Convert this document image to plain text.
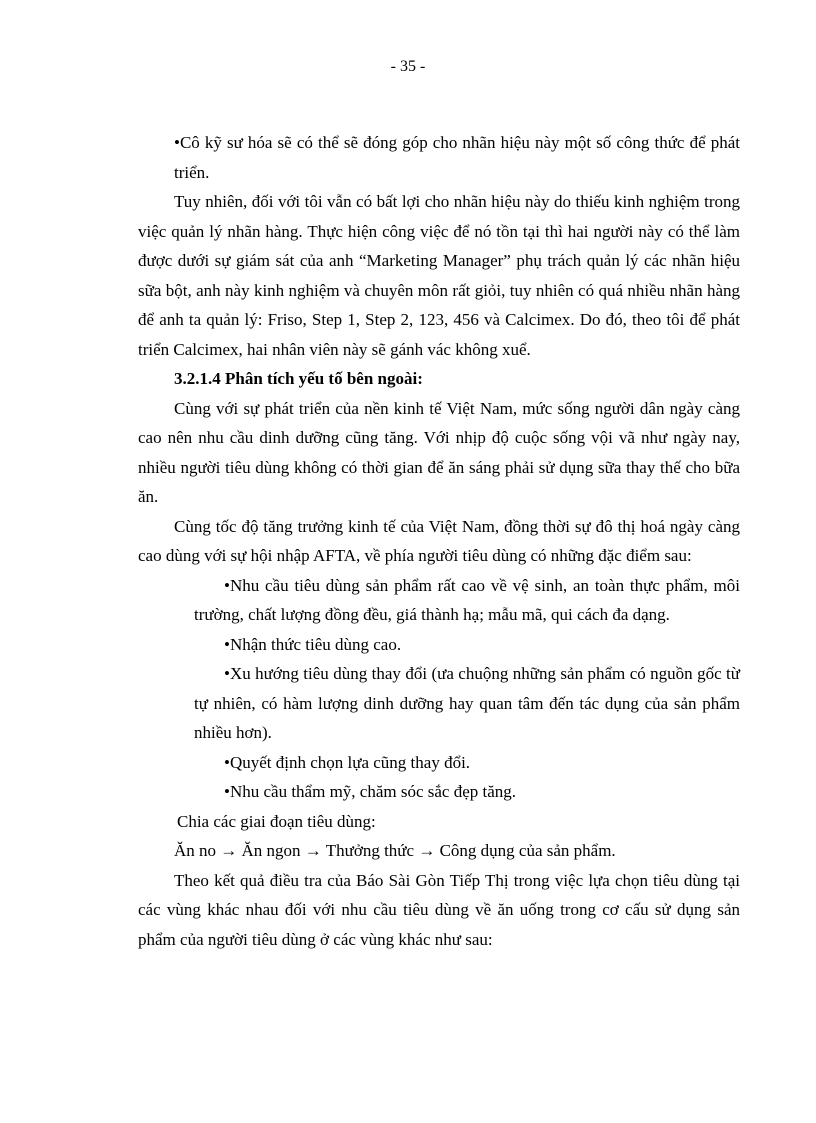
- 35 -

•Cô kỹ sư hóa sẽ có thể sẽ đóng góp cho nhãn hiệu này một số công thức để phát triển.

Tuy nhiên, đối với tôi vẫn có bất lợi cho nhãn hiệu này do thiếu kinh nghiệm trong việc quản lý nhãn hàng. Thực hiện công việc để nó tồn tại thì hai người này có thể làm được dưới sự giám sát của anh “Marketing Manager” phụ trách quản lý các nhãn hiệu sữa bột, anh này kinh nghiệm và chuyên môn rất giỏi, tuy nhiên có quá nhiều nhãn hàng để anh ta quản lý: Friso, Step 1, Step 2, 123, 456 và Calcimex. Do đó, theo tôi để phát triển Calcimex, hai nhân viên này sẽ gánh vác không xuể.

3.2.1.4 Phân tích yếu tố bên ngoài:

Cùng với sự phát triển của nền kinh tế Việt Nam, mức sống người dân ngày càng cao nên nhu cầu dinh dưỡng cũng tăng. Với nhịp độ cuộc sống vội vã như ngày nay, nhiều người tiêu dùng không có thời gian để ăn sáng phải sử dụng sữa thay thế cho bữa ăn.

Cùng tốc độ tăng trưởng kinh tế của Việt Nam, đồng thời sự đô thị hoá ngày càng cao dùng với sự hội nhập AFTA, về phía người tiêu dùng có những đặc điểm sau:

•Nhu cầu tiêu dùng sản phẩm rất cao về vệ sinh, an toàn thực phẩm, môi trường, chất lượng đồng đều, giá thành hạ; mẫu mã, qui cách đa dạng.

•Nhận thức tiêu dùng cao.

•Xu hướng tiêu dùng thay đổi (ưa chuộng những sản phẩm có nguồn gốc từ tự nhiên, có hàm lượng dinh dưỡng hay quan tâm đến tác dụng của sản phẩm nhiều hơn).

•Quyết định chọn lựa cũng thay đổi.

•Nhu cầu thẩm mỹ, chăm sóc sắc đẹp tăng.

Chia các giai đoạn tiêu dùng:

Ăn no → Ăn ngon → Thưởng thức → Công dụng của sản phẩm.

Theo kết quả điều tra của Báo Sài Gòn Tiếp Thị trong việc lựa chọn tiêu dùng tại các vùng khác nhau đối với nhu cầu tiêu dùng về ăn uống trong cơ cấu sử dụng sản phẩm của người tiêu dùng ở các vùng khác như sau:
